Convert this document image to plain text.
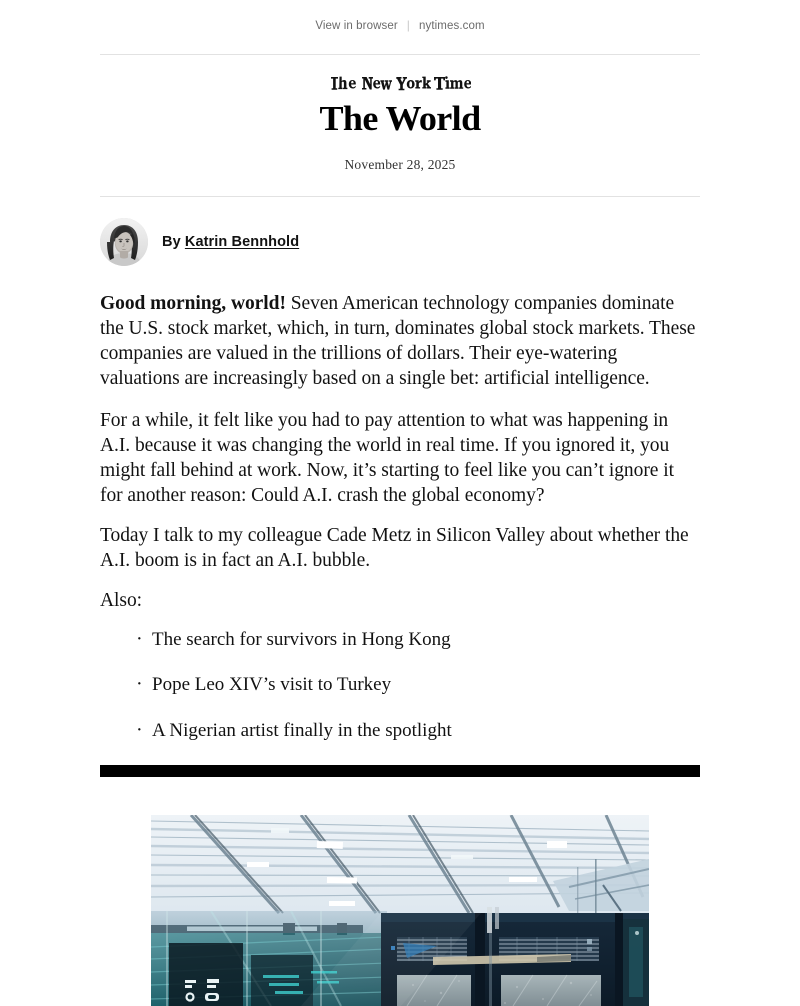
View in browser | nytimes.com
The World
November 28, 2025
By Katrin Bennhold

Good morning, world! Seven American technology companies dominate the U.S. stock market, which, in turn, dominates global stock markets. These companies are valued in the trillions of dollars. Their eye-watering valuations are increasingly based on a single bet: artificial intelligence.

For a while, it felt like you had to pay attention to what was happening in A.I. because it was changing the world in real time. If you ignored it, you might fall behind at work. Now, it’s starting to feel like you can’t ignore it for another reason: Could A.I. crash the global economy?

Today I talk to my colleague Cade Metz in Silicon Valley about whether the A.I. boom is in fact an A.I. bubble.

Also:

· The search for survivors in Hong Kong
· Pope Leo XIV’s visit to Turkey
· A Nigerian artist finally in the spotlight
